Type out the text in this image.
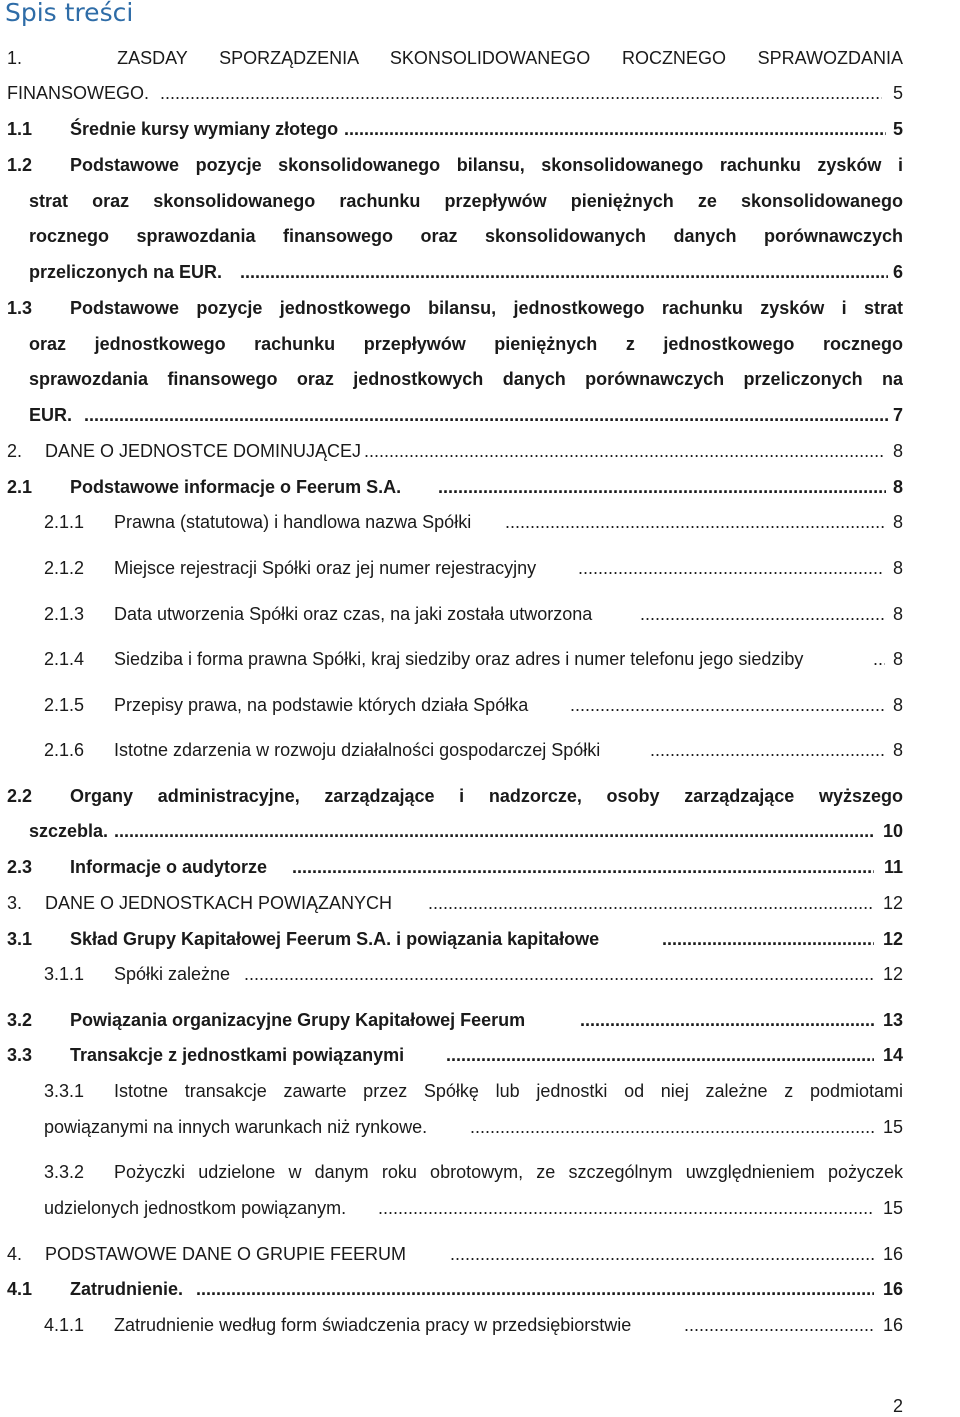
Spis treści
1.	ZASDAY SPORZĄDZENIA SKONSOLIDOWANEGO ROCZNEGO SPRAWOZDANIA
FINANSOWEGO. .....	5
1.1 Średnie kursy wymiany złotego .....	5
1.2 Podstawowe pozycje skonsolidowanego bilansu, skonsolidowanego rachunku zysków i
strat oraz skonsolidowanego rachunku przepływów pieniężnych ze skonsolidowanego
rocznego sprawozdania finansowego oraz skonsolidowanych danych porównawczych
przeliczonych na EUR. .....	6
1.3 Podstawowe pozycje jednostkowego bilansu, jednostkowego rachunku zysków i strat
oraz jednostkowego rachunku przepływów pieniężnych z jednostkowego rocznego
sprawozdania finansowego oraz jednostkowych danych porównawczych przeliczonych na
EUR. .....	7
2. DANE O JEDNOSTCE DOMINUJĄCEJ .....	8
2.1 Podstawowe informacje o Feerum S.A. .....	8
2.1.1 Prawna (statutowa) i handlowa nazwa Spółki .....	8
2.1.2 Miejsce rejestracji Spółki oraz jej numer rejestracyjny .....	8
2.1.3 Data utworzenia Spółki oraz czas, na jaki została utworzona .....	8
2.1.4 Siedziba i forma prawna Spółki, kraj siedziby oraz adres i numer telefonu jego siedziby .....	8
2.1.5 Przepisy prawa, na podstawie których działa Spółka .....	8
2.1.6 Istotne zdarzenia w rozwoju działalności gospodarczej Spółki .....	8
2.2 Organy administracyjne, zarządzające i nadzorcze, osoby zarządzające wyższego
szczebla. .....	10
2.3 Informacje o audytorze .....	11
3. DANE O JEDNOSTKACH POWIĄZANYCH .....	12
3.1 Skład Grupy Kapitałowej Feerum S.A. i powiązania kapitałowe .....	12
3.1.1 Spółki zależne .....	12
3.2 Powiązania organizacyjne Grupy Kapitałowej Feerum .....	13
3.3 Transakcje z jednostkami powiązanymi .....	14
3.3.1 Istotne transakcje zawarte przez Spółkę lub jednostki od niej zależne z podmiotami
powiązanymi na innych warunkach niż rynkowe. .....	15
3.3.2 Pożyczki udzielone w danym roku obrotowym, ze szczególnym uwzględnieniem pożyczek
udzielonych jednostkom powiązanym. .....	15
4. PODSTAWOWE DANE O GRUPIE FEERUM .....	16
4.1 Zatrudnienie. .....	16
4.1.1 Zatrudnienie według form świadczenia pracy w przedsiębiorstwie .....	16
2
